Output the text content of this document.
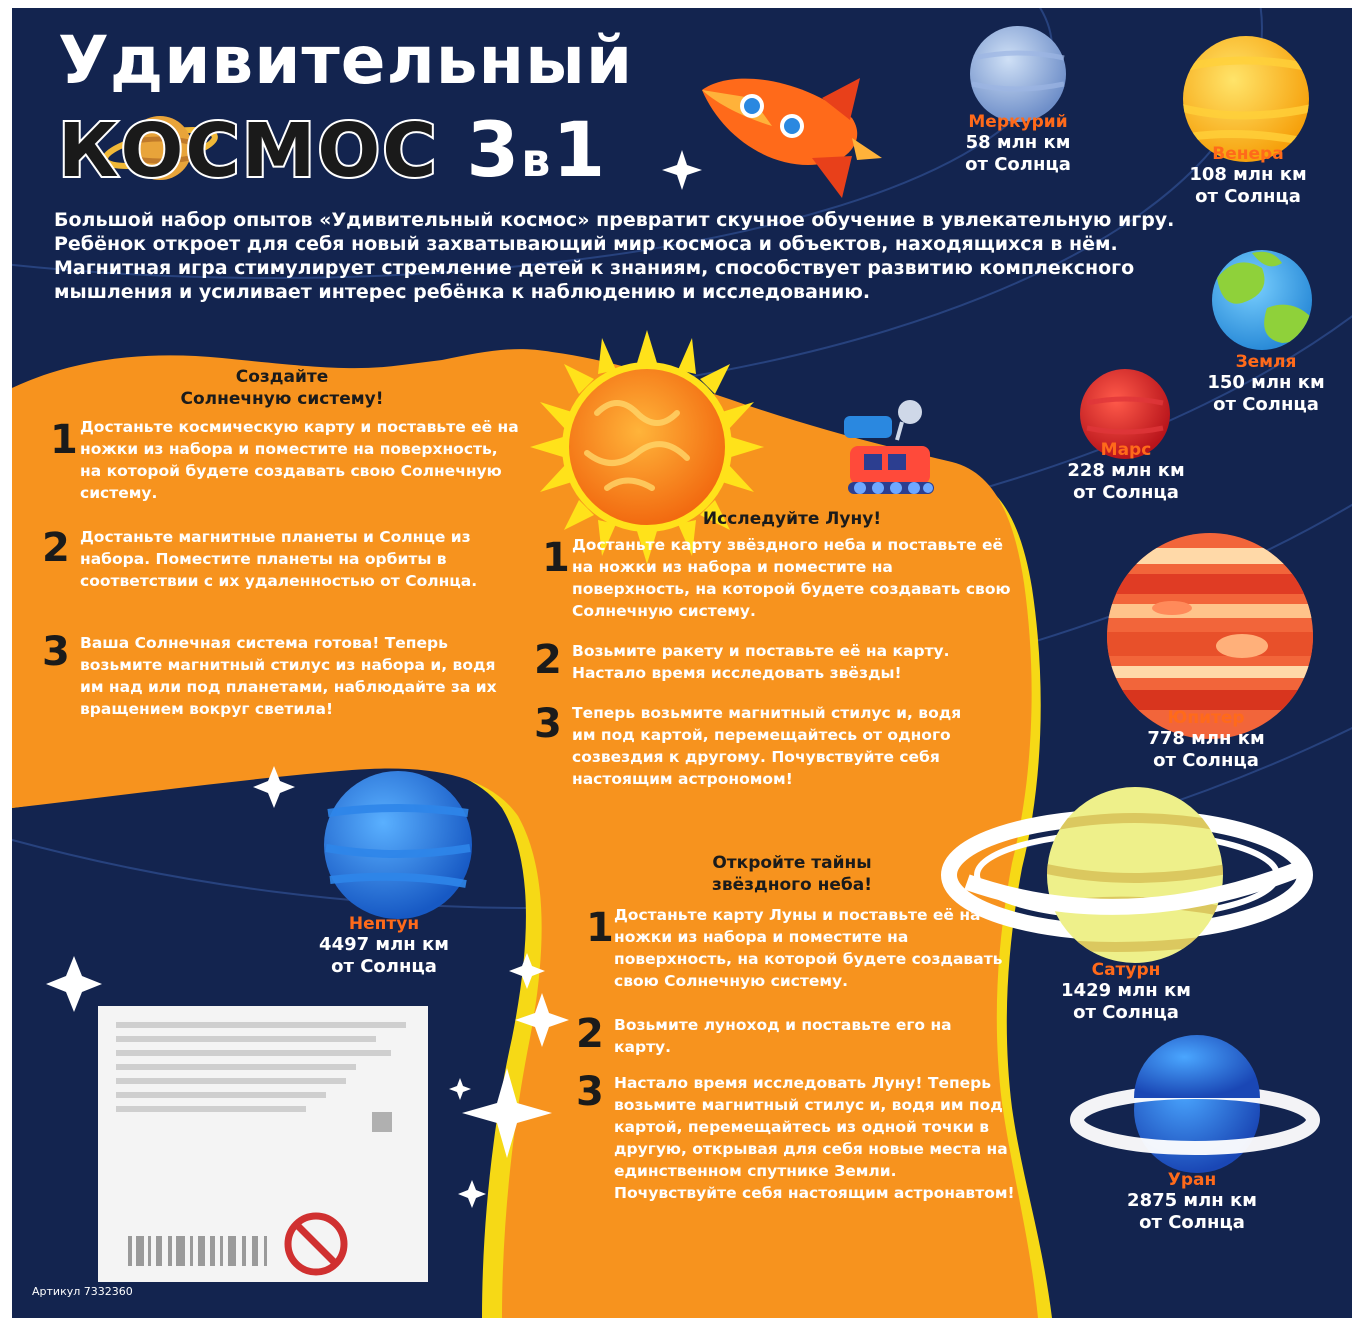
Удивительный
КОСМОС 3в1
Большой набор опытов «Удивительный космос» превратит скучное обучение в увлекательную игру. Ребёнок откроет для себя новый захватывающий мир космоса и объектов, находящихся в нём. Магнитная игра стимулирует стремление детей к знаниям, способствует развитию комплексного мышления и усиливает интерес ребёнка к наблюдению и исследованию.
Создайте
Солнечную систему!
1 Достаньте космическую карту и поставьте её на ножки из набора и поместите на поверхность, на которой будете создавать свою Солнечную систему.
2 Достаньте магнитные планеты и Солнце из набора. Поместите планеты на орбиты в соответствии с их удаленностью от Солнца.
3 Ваша Солнечная система готова! Теперь возьмите магнитный стилус из набора и, водя им над или под планетами, наблюдайте за их вращением вокруг светила!
Исследуйте Луну!
1 Достаньте карту звёздного неба и поставьте её на ножки из набора и поместите на поверхность, на которой будете создавать свою Солнечную систему.
2 Возьмите ракету и поставьте её на карту. Настало время исследовать звёзды!
3 Теперь возьмите магнитный стилус и, водя им под картой, перемещайтесь от одного созвездия к другому. Почувствуйте себя настоящим астрономом!
Откройте тайны
звёздного неба!
1 Достаньте карту Луны и поставьте её на ножки из набора и поместите на поверхность, на которой будете создавать свою Солнечную систему.
2 Возьмите луноход и поставьте его на карту.
3 Настало время исследовать Луну! Теперь возьмите магнитный стилус и, водя им под картой, перемещайтесь из одной точки в другую, открывая для себя новые места на единственном спутнике Земли. Почувствуйте себя настоящим астронавтом!
Меркурий
58 млн км
от Солнца	Венера
108 млн км
от Солнца
Земля
150 млн км
от Солнца
Марс
228 млн км
от Солнца
Юпитер
778 млн км
от Солнца
Сатурн
1429 млн км
от Солнца
Уран
2875 млн км
от Солнца
Нептун
4497 млн км
от Солнца
Артикул 7332360
